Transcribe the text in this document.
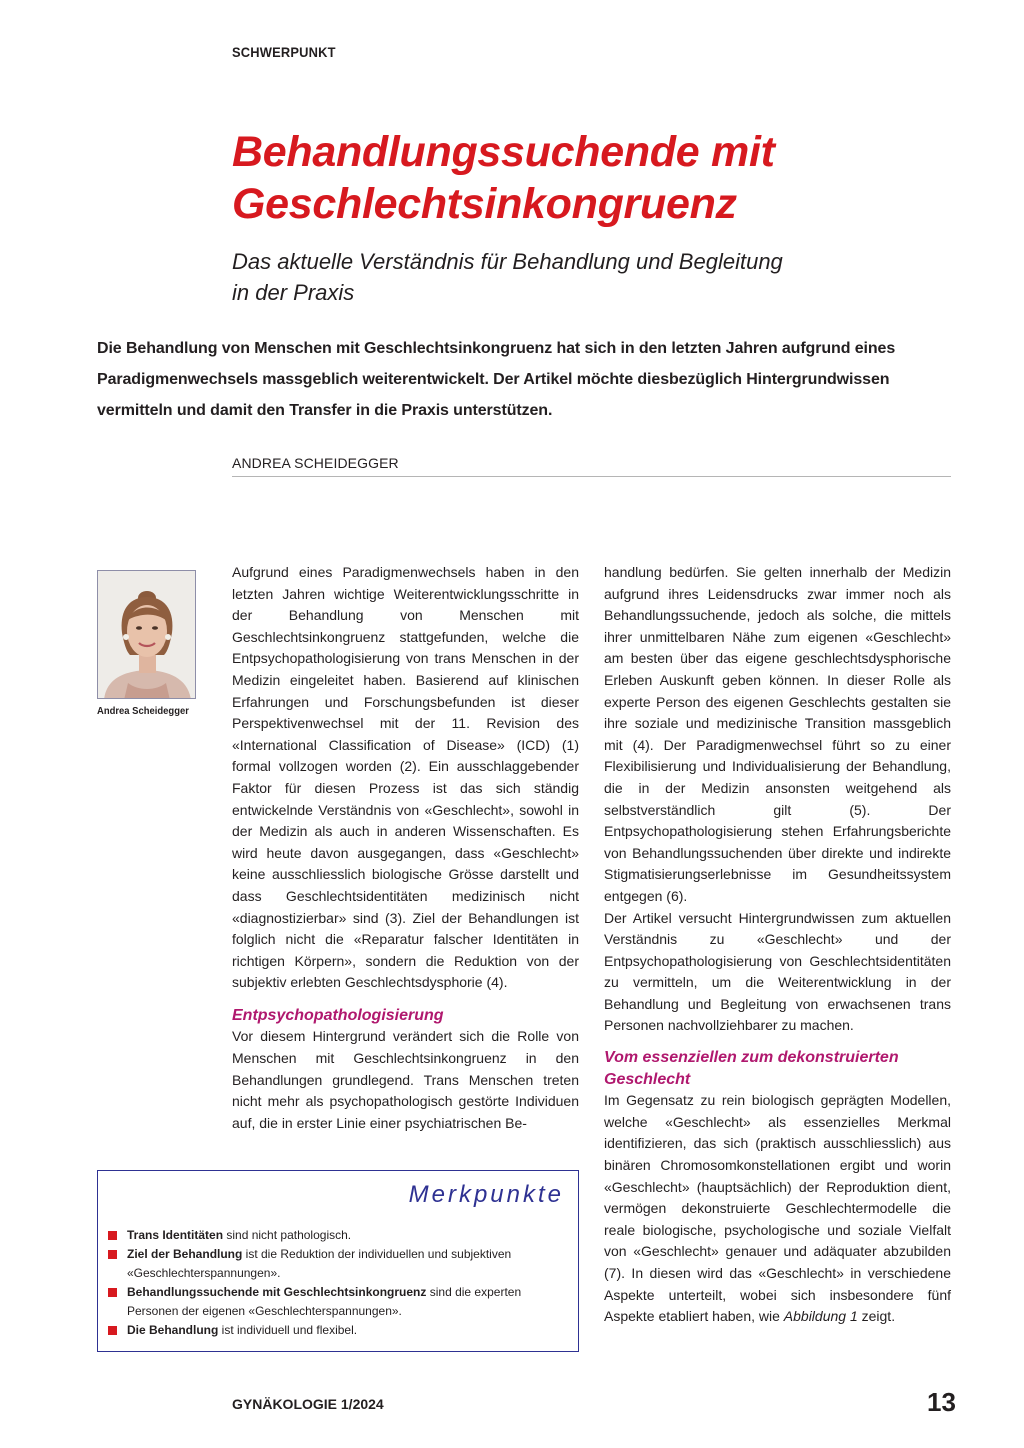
SCHWERPUNKT
Behandlungssuchende mit
Geschlechtsinkongruenz
Das aktuelle Verständnis für Behandlung und Begleitung
in der Praxis

Die Behandlung von Menschen mit Geschlechtsinkongruenz hat sich in den letzten Jahren aufgrund eines Paradigmenwechsels massgeblich weiterentwickelt. Der Artikel möchte diesbezüglich Hintergrundwissen vermitteln und damit den Transfer in die Praxis unterstützen.

ANDREA SCHEIDEGGER
Andrea Scheidegger

Aufgrund eines Paradigmenwechsels haben in den letzten Jahren wichtige Weiterentwicklungsschritte in der Behandlung von Menschen mit Geschlechtsinkongruenz stattgefunden, welche die Entpsychopathologisierung von trans Menschen in der Medizin eingeleitet haben. Basierend auf klinischen Erfahrungen und Forschungsbefunden ist dieser Perspektivenwechsel mit der 11. Revision des «International Classification of Disease» (ICD) (1) formal vollzogen worden (2). Ein ausschlaggebender Faktor für diesen Prozess ist das sich ständig entwickelnde Verständnis von «Geschlecht», sowohl in der Medizin als auch in anderen Wissenschaften. Es wird heute davon ausgegangen, dass «Geschlecht» keine ausschliesslich biologische Grösse darstellt und dass Geschlechtsidentitäten medizinisch nicht «diagnostizierbar» sind (3). Ziel der Behandlungen ist folglich nicht die «Reparatur falscher Identitäten in richtigen Körpern», sondern die Reduktion von der subjektiv erlebten Geschlechtsdysphorie (4).

Entpsychopathologisierung

Vor diesem Hintergrund verändert sich die Rolle von Menschen mit Geschlechtsinkongruenz in den Behandlungen grundlegend. Trans Menschen treten nicht mehr als psychopathologisch gestörte Individuen auf, die in erster Linie einer psychiatrischen Be-

handlung bedürfen. Sie gelten innerhalb der Medizin aufgrund ihres Leidensdrucks zwar immer noch als Behandlungssuchende, jedoch als solche, die mittels ihrer unmittelbaren Nähe zum eigenen «Geschlecht» am besten über das eigene geschlechtsdysphorische Erleben Auskunft geben können. In dieser Rolle als experte Person des eigenen Geschlechts gestalten sie ihre soziale und medizinische Transition massgeblich mit (4). Der Paradigmenwechsel führt so zu einer Flexibilisierung und Individualisierung der Behandlung, die in der Medizin ansonsten weitgehend als selbstverständlich gilt (5). Der Entpsychopathologisierung stehen Erfahrungsberichte von Behandlungssuchenden über direkte und indirekte Stigmatisierungserlebnisse im Gesundheitssystem entgegen (6).

Der Artikel versucht Hintergrundwissen zum aktuellen Verständnis zu «Geschlecht» und der Entpsychopathologisierung von Geschlechtsidentitäten zu vermitteln, um die Weiterentwicklung in der Behandlung und Begleitung von erwachsenen trans Personen nachvollziehbarer zu machen.

Vom essenziellen zum dekonstruierten Geschlecht

Im Gegensatz zu rein biologisch geprägten Modellen, welche «Geschlecht» als essenzielles Merkmal identifizieren, das sich (praktisch ausschliesslich) aus binären Chromosomkonstellationen ergibt und worin «Geschlecht» (hauptsächlich) der Reproduktion dient, vermögen dekonstruierte Geschlechtermodelle die reale biologische, psychologische und soziale Vielfalt von «Geschlecht» genauer und adäquater abzubilden (7). In diesen wird das «Geschlecht» in verschiedene Aspekte unterteilt, wobei sich insbesondere fünf Aspekte etabliert haben, wie Abbildung 1 zeigt.

Merkpunkte
Trans Identitäten sind nicht pathologisch.
Ziel der Behandlung ist die Reduktion der individuellen und subjektiven «Geschlechterspannungen».
Behandlungssuchende mit Geschlechtsinkongruenz sind die experten Personen der eigenen «Geschlechterspannungen».
Die Behandlung ist individuell und flexibel.
GYNÄKOLOGIE 1/2024	13
